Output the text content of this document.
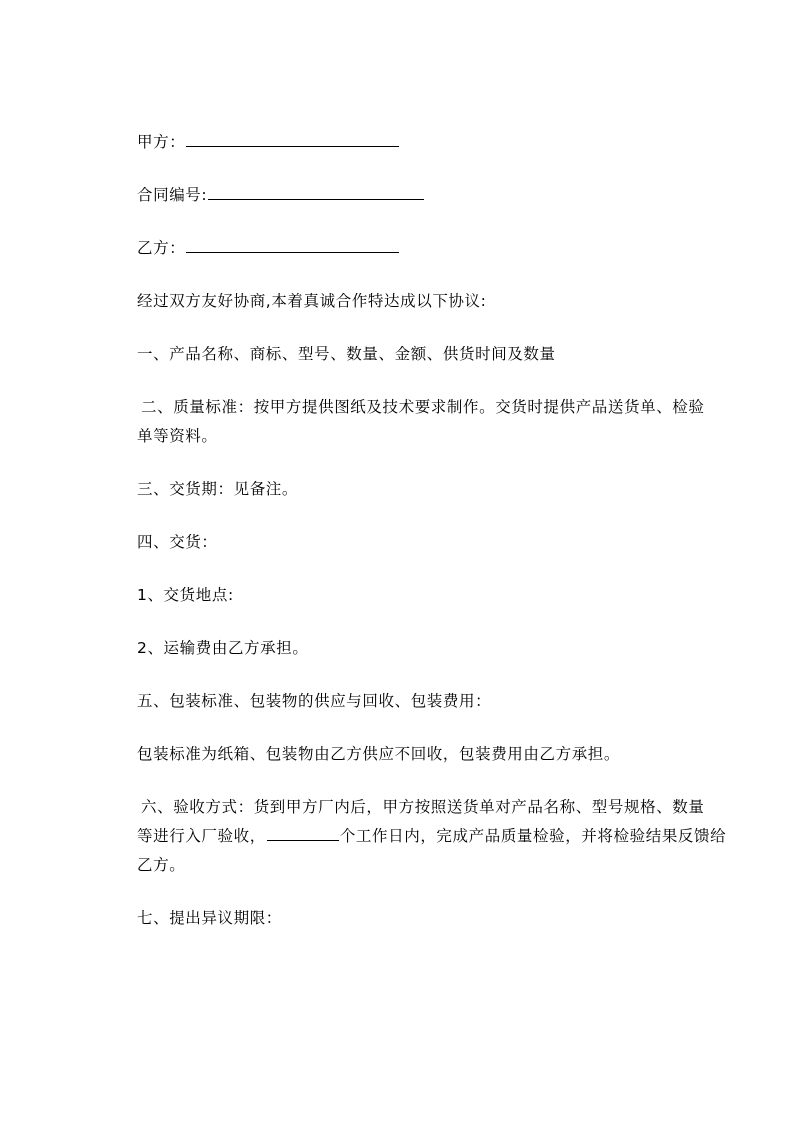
甲方：
合同编号:
乙方：
经过双方友好协商,本着真诚合作特达成以下协议:
一、产品名称、商标、型号、数量、金额、供货时间及数量
二、质量标准：按甲方提供图纸及技术要求制作。交货时提供产品送货单、检验
单等资料。
三、交货期：见备注。
四、交货：
1、交货地点:
2、运输费由乙方承担。
五、包装标准、包装物的供应与回收、包装费用：
包装标准为纸箱、包装物由乙方供应不回收，包装费用由乙方承担。
六、验收方式：货到甲方厂内后，甲方按照送货单对产品名称、型号规格、数量
等进行入厂验收，	个工作日内，完成产品质量检验，并将检验结果反馈给
乙方。
七、提出异议期限：
